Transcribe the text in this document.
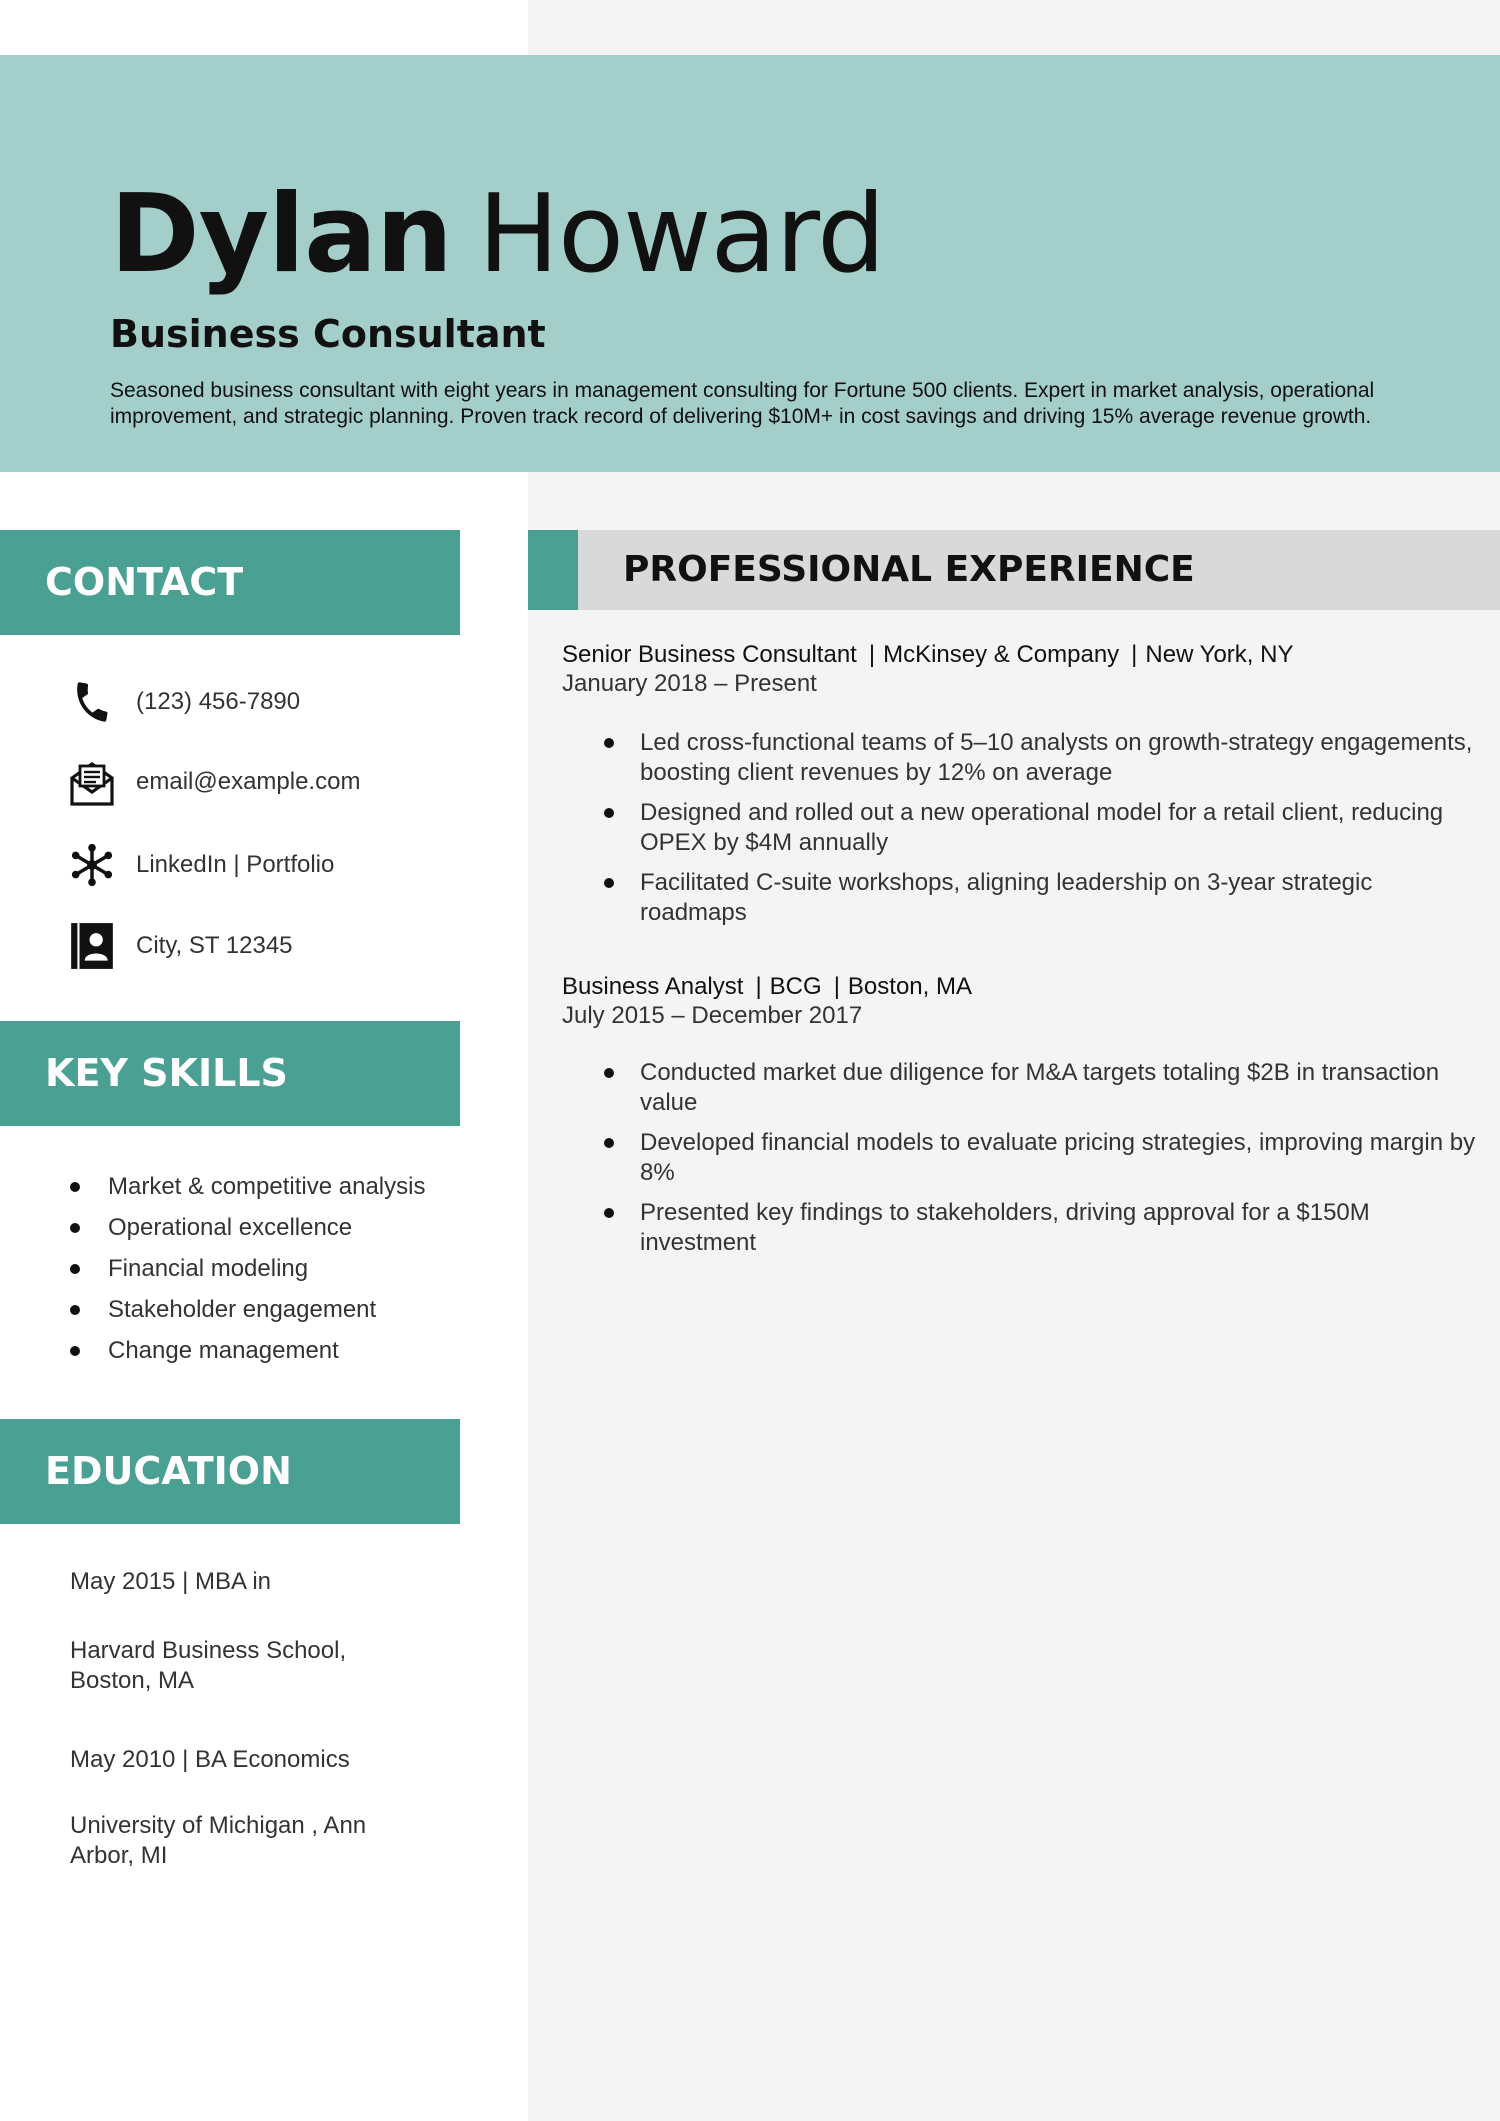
Dylan Howard
Business Consultant
Seasoned business consultant with eight years in management consulting for Fortune 500 clients. Expert in market analysis, operational improvement, and strategic planning. Proven track record of delivering $10M+ in cost savings and driving 15% average revenue growth.
CONTACT
(123) 456-7890
email@example.com
LinkedIn | Portfolio
City, ST 12345
KEY SKILLS
Market & competitive analysis
Operational excellence
Financial modeling
Stakeholder engagement
Change management
EDUCATION
May 2015 | MBA in
Harvard Business School, Boston, MA
May 2010 | BA Economics
University of Michigan , Ann Arbor, MI
PROFESSIONAL EXPERIENCE
Senior Business Consultant | McKinsey & Company | New York, NY
January 2018 – Present
Led cross-functional teams of 5–10 analysts on growth-strategy engagements, boosting client revenues by 12% on average
Designed and rolled out a new operational model for a retail client, reducing OPEX by $4M annually
Facilitated C-suite workshops, aligning leadership on 3-year strategic roadmaps
Business Analyst | BCG | Boston, MA
July 2015 – December 2017
Conducted market due diligence for M&A targets totaling $2B in transaction value
Developed financial models to evaluate pricing strategies, improving margin by 8%
Presented key findings to stakeholders, driving approval for a $150M investment
